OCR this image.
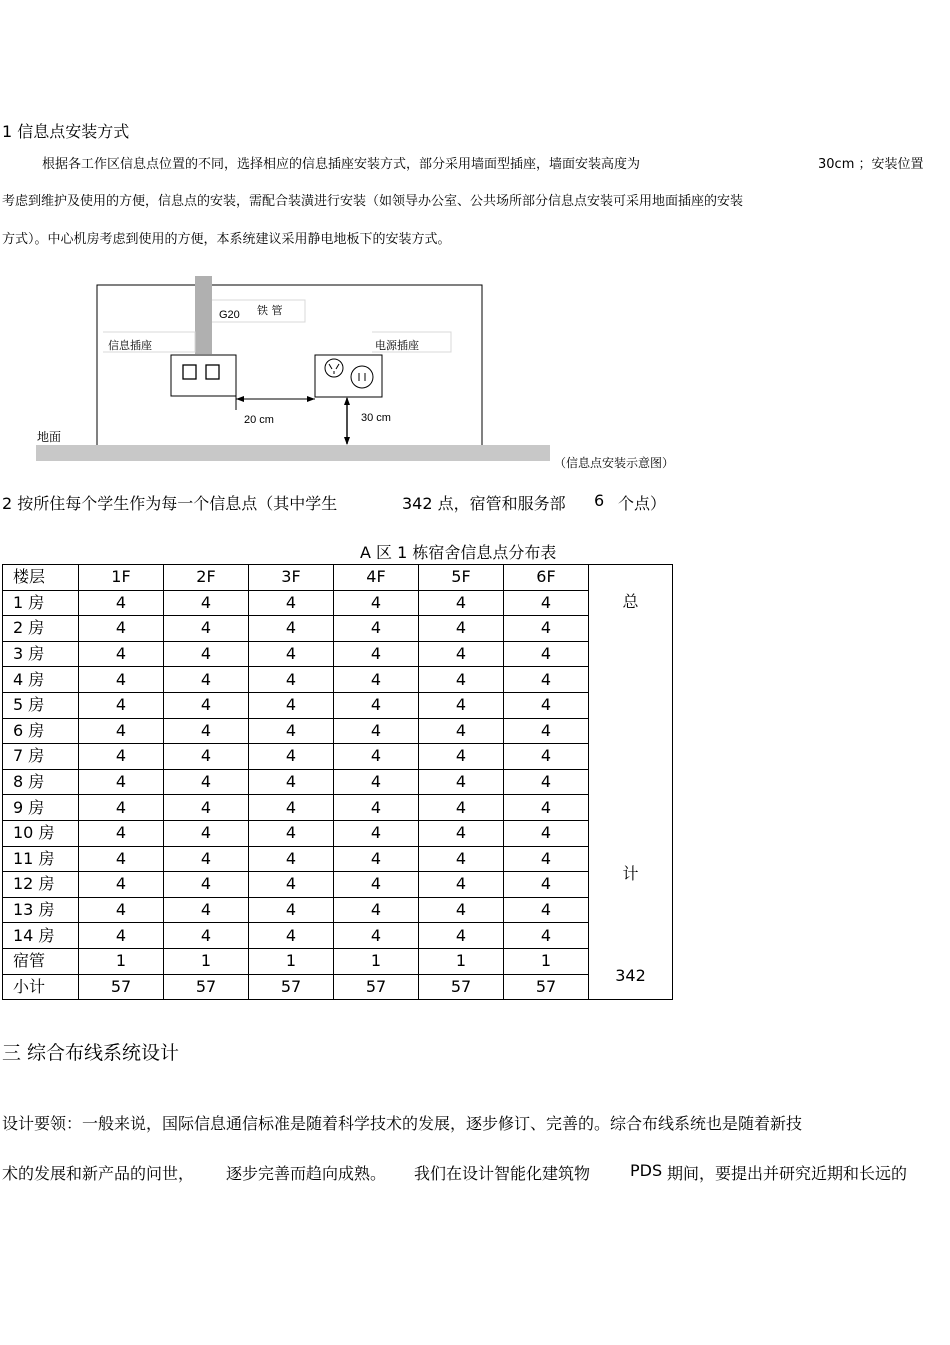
1 信息点安装方式
根据各工作区信息点位置的不同，选择相应的信息插座安装方式，部分采用墙面型插座，墙面安装高度为	30cm ；安装位置
考虑到维护及使用的方便，信息点的安装，需配合装潢进行安装（如领导办公室、公共场所部分信息点安装可采用地面插座的安装
方式）。中心机房考虑到使用的方便，本系统建议采用静电地板下的安装方式。
G20 铁 管
信息插座	电源插座
20 cm	30 cm
地面
（信息点安装示意图）
2 按所住每个学生作为每一个信息点（其中学生	342 点，宿管和服务部 6 个点）
A 区 1 栋宿舍信息点分布表
楼层	1F	2F	3F	4F	5F	6F	总
计
342

1 房	4	4	4	4	4	4	
2 房	4	4	4	4	4	4	
3 房	4	4	4	4	4	4	
4 房	4	4	4	4	4	4	
5 房	4	4	4	4	4	4	
6 房	4	4	4	4	4	4	
7 房	4	4	4	4	4	4	
8 房	4	4	4	4	4	4	
9 房	4	4	4	4	4	4	
10 房	4	4	4	4	4	4	
11 房	4	4	4	4	4	4	
12 房	4	4	4	4	4	4	
13 房	4	4	4	4	4	4	
14 房	4	4	4	4	4	4	
宿管	1	1	1	1	1	1	
小计	57	57	57	57	57	57	
三 综合布线系统设计
设计要领：一般来说，国际信息通信标准是随着科学技术的发展，逐步修订、完善的。综合布线系统也是随着新技
术的发展和新产品的问世， 逐步完善而趋向成熟。 我们在设计智能化建筑物 PDS 期间，要提出并研究近期和长远的
